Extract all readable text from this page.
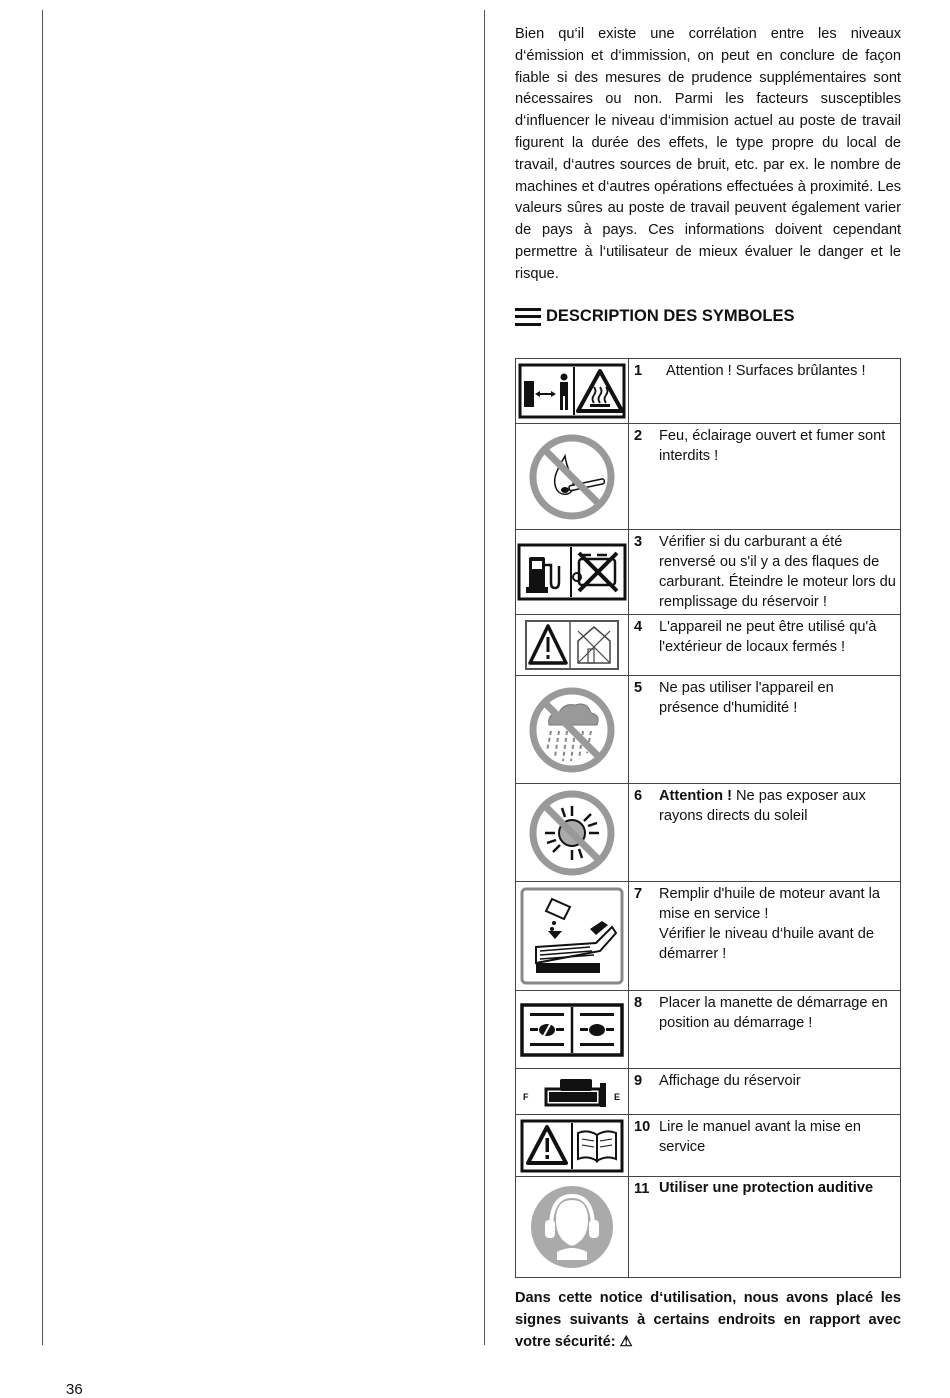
Bien qu‘il existe une corrélation entre les niveaux d‘émission et d‘immission, on peut en conclure de façon fiable si des mesures de prudence supplémentaires sont nécessaires ou non. Parmi les facteurs susceptibles d‘influencer le niveau d‘immision actuel au poste de travail figurent la durée des effets, le type propre du local de travail, d‘autres sources de bruit, etc. par ex. le nombre de machines et d‘autres opérations effectuées à proximité. Les valeurs sûres au poste de travail peuvent également varier de pays à pays. Ces informations doivent cependant permettre à l‘utilisateur de mieux évaluer le danger et le risque.

DESCRIPTION DES SYMBOLES

1 Attention ! Surfaces brûlantes !

2 Feu, éclairage ouvert et fumer sont interdits !

3 Vérifier si du carburant a été renversé ou s'il y a des flaques de carburant. Éteindre le moteur lors du remplissage du réservoir !

4 L'appareil ne peut être utilisé qu'à l'extérieur de locaux fermés !

5 Ne pas utiliser l'appareil en présence d'humidité !

6 Attention ! Ne pas exposer aux rayons directs du soleil

7 Remplir d'huile de moteur avant la mise en service !
Vérifier le niveau d‘huile avant de démarrer !

8 Placer la manette de démarrage en position au démarrage !

F E	9 Affichage du réservoir

10 Lire le manuel avant la mise en service

11 Utiliser une protection auditive

Dans cette notice d‘utilisation, nous avons placé les signes suivants à certains endroits en rapport avec votre sécurité: ⚠

36
